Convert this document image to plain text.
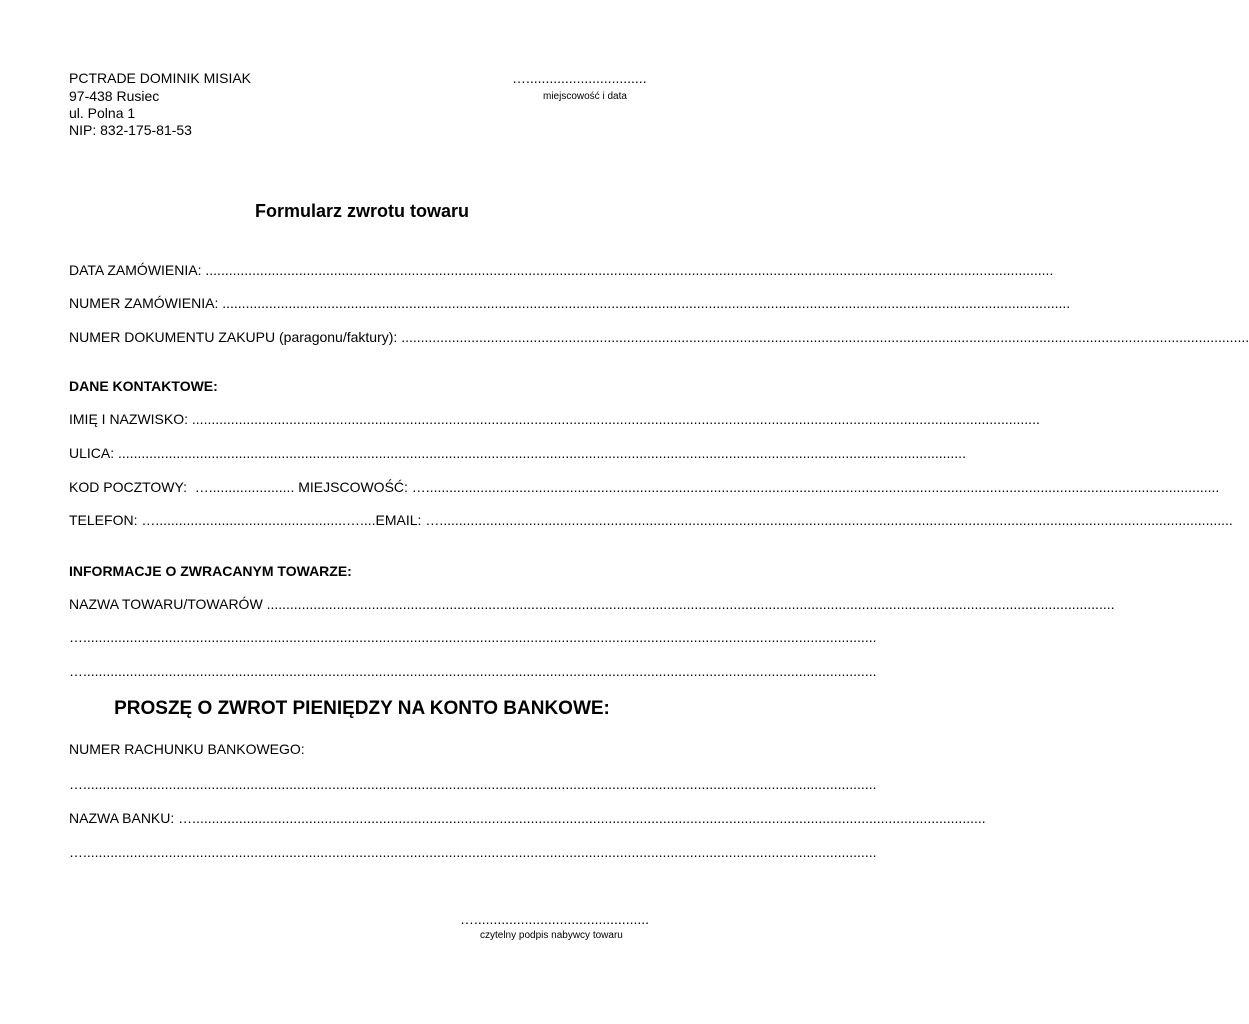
PCTRADE DOMINIK MISIAK
97-438 Rusiec
ul. Polna 1
NIP: 832-175-81-53
…...............................
miejscowość i data
Formularz zwrotu towaru
DATA ZAMÓWIENIA:
..........................................................................................................................................................................................................................
NUMER ZAMÓWIENIA:
..........................................................................................................................................................................................................................
NUMER DOKUMENTU ZAKUPU (paragonu/faktury):
..........................................................................................................................................................................................................................
DANE KONTAKTOWE:
IMIĘ I NAZWISKO:
..........................................................................................................................................................................................................................
ULICA:
..........................................................................................................................................................................................................................
KOD POCZTOWY:
…......................
MIEJSCOWOŚĆ:
…............................................................................................................................................................................................................
TELEFON:
….................................................….... EMAIL:
…............................................................................................................................................................................................................
INFORMACJE O ZWRACANYM TOWARZE:
NAZWA TOWARU/TOWARÓW
..........................................................................................................................................................................................................................
…............................................................................................................................................................................................................
…............................................................................................................................................................................................................
PROSZĘ O ZWROT PIENIĘDZY NA KONTO BANKOWE:
NUMER RACHUNKU BANKOWEGO:
…............................................................................................................................................................................................................
NAZWA BANKU:
…............................................................................................................................................................................................................
…............................................................................................................................................................................................................
….............................................
czytelny podpis nabywcy towaru
